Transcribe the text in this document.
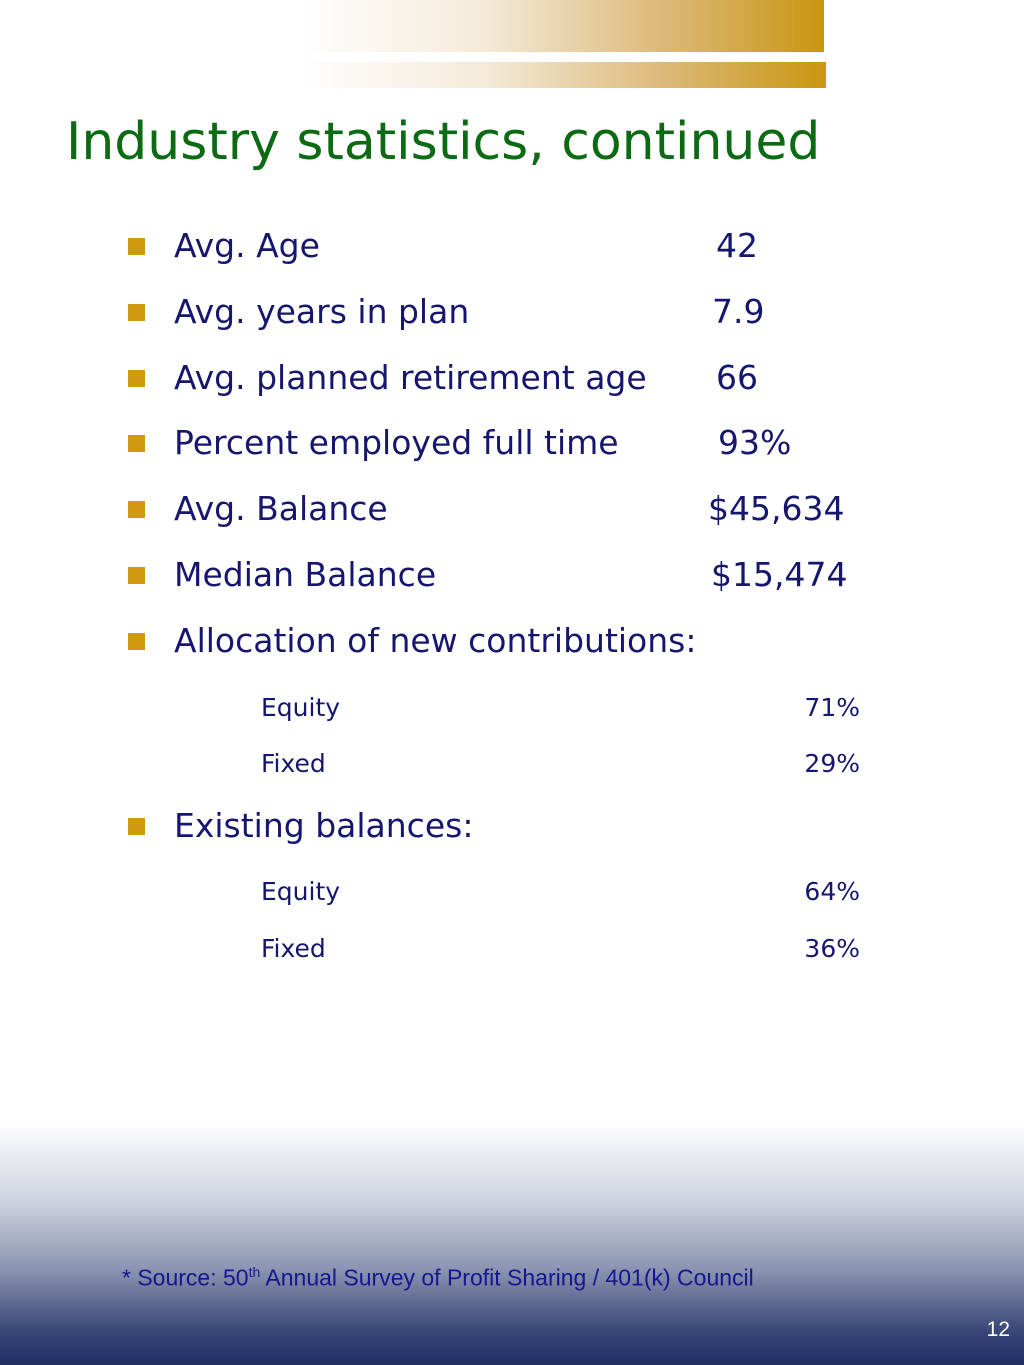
Industry statistics, continued
Avg. Age	42
Avg. years in plan	7.9
Avg. planned retirement age 66
Percent employed full time	93%
Avg. Balance	$45,634
Median Balance	$15,474
Allocation of new contributions:
Equity	71%
Fixed	29%
Existing balances:
Equity	64%
Fixed	36%
* Source: 50th Annual Survey of Profit Sharing / 401(k) Council
12
